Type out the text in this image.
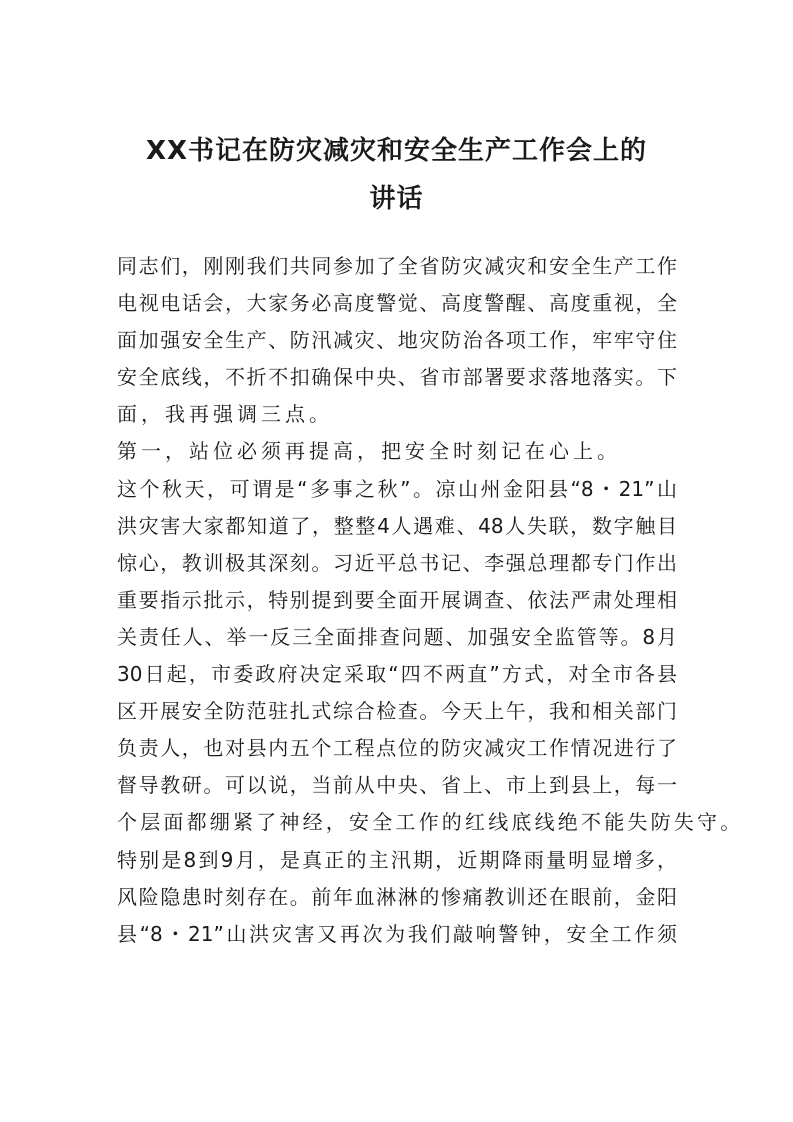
XX书记在防灾减灾和安全生产工作会上的
讲话
同志们，刚刚我们共同参加了全省防灾减灾和安全生产工作
电视电话会，大家务必高度警觉、高度警醒、高度重视，全
面加强安全生产、防汛减灾、地灾防治各项工作，牢牢守住
安全底线，不折不扣确保中央、省市部署要求落地落实。下
面，我再强调三点。
第一，站位必须再提高，把安全时刻记在心上。
这个秋天，可谓是“多事之秋”。凉山州金阳县“8・21”山
洪灾害大家都知道了，整整4人遇难、48人失联，数字触目
惊心，教训极其深刻。习近平总书记、李强总理都专门作出
重要指示批示，特别提到要全面开展调查、依法严肃处理相
关责任人、举一反三全面排查问题、加强安全监管等。8月
30日起，市委政府决定采取“四不两直”方式，对全市各县
区开展安全防范驻扎式综合检查。今天上午，我和相关部门
负责人，也对县内五个工程点位的防灾减灾工作情况进行了
督导教研。可以说，当前从中央、省上、市上到县上，每一
个层面都绷紧了神经，安全工作的红线底线绝不能失防失守。
特别是8到9月，是真正的主汛期，近期降雨量明显增多，
风险隐患时刻存在。前年血淋淋的惨痛教训还在眼前，金阳
县“8・21”山洪灾害又再次为我们敲响警钟，安全工作须
